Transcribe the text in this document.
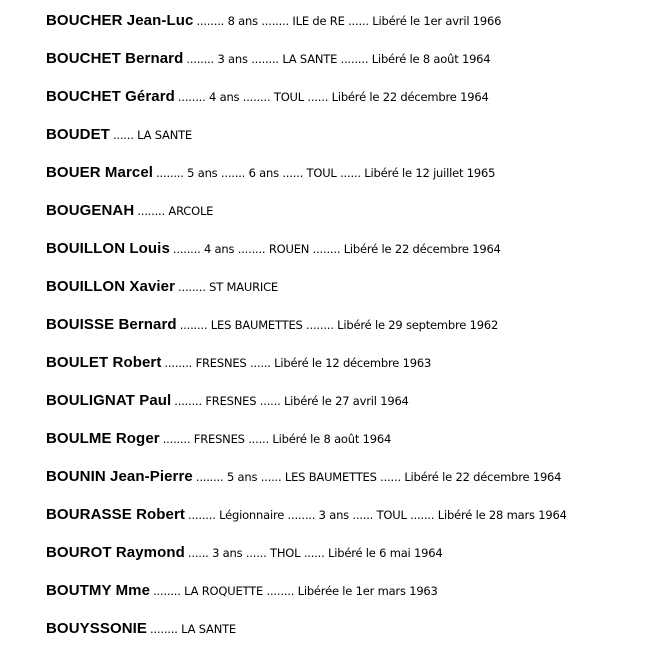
BOUCHER Jean-Luc ........ 8 ans ........ ILE de RE ...... Libéré le 1er avril 1966
BOUCHET Bernard ........ 3 ans ........ LA SANTE ........ Libéré le 8 août 1964
BOUCHET Gérard ........ 4 ans ........ TOUL ...... Libéré le 22 décembre 1964
BOUDET ...... LA SANTE
BOUER Marcel ........ 5 ans ....... 6 ans ...... TOUL ...... Libéré le 12 juillet 1965
BOUGENAH ........ ARCOLE
BOUILLON Louis ........ 4 ans ........ ROUEN ........ Libéré le 22 décembre 1964
BOUILLON Xavier ........ ST MAURICE
BOUISSE Bernard ........ LES BAUMETTES ........ Libéré le 29 septembre 1962
BOULET Robert ........ FRESNES ...... Libéré le 12 décembre 1963
BOULIGNAT Paul ........ FRESNES ...... Libéré le 27 avril 1964
BOULME Roger ........ FRESNES ...... Libéré le 8 août 1964
BOUNIN Jean-Pierre ........ 5 ans ...... LES BAUMETTES ...... Libéré le 22 décembre 1964
BOURASSE Robert ........ Légionnaire ........ 3 ans ...... TOUL ....... Libéré le 28 mars 1964
BOUROT Raymond ...... 3 ans ...... THOL ...... Libéré le 6 mai 1964
BOUTMY Mme ........ LA ROQUETTE ........ Libérée le 1er mars 1963
BOUYSSONIE ........ LA SANTE
